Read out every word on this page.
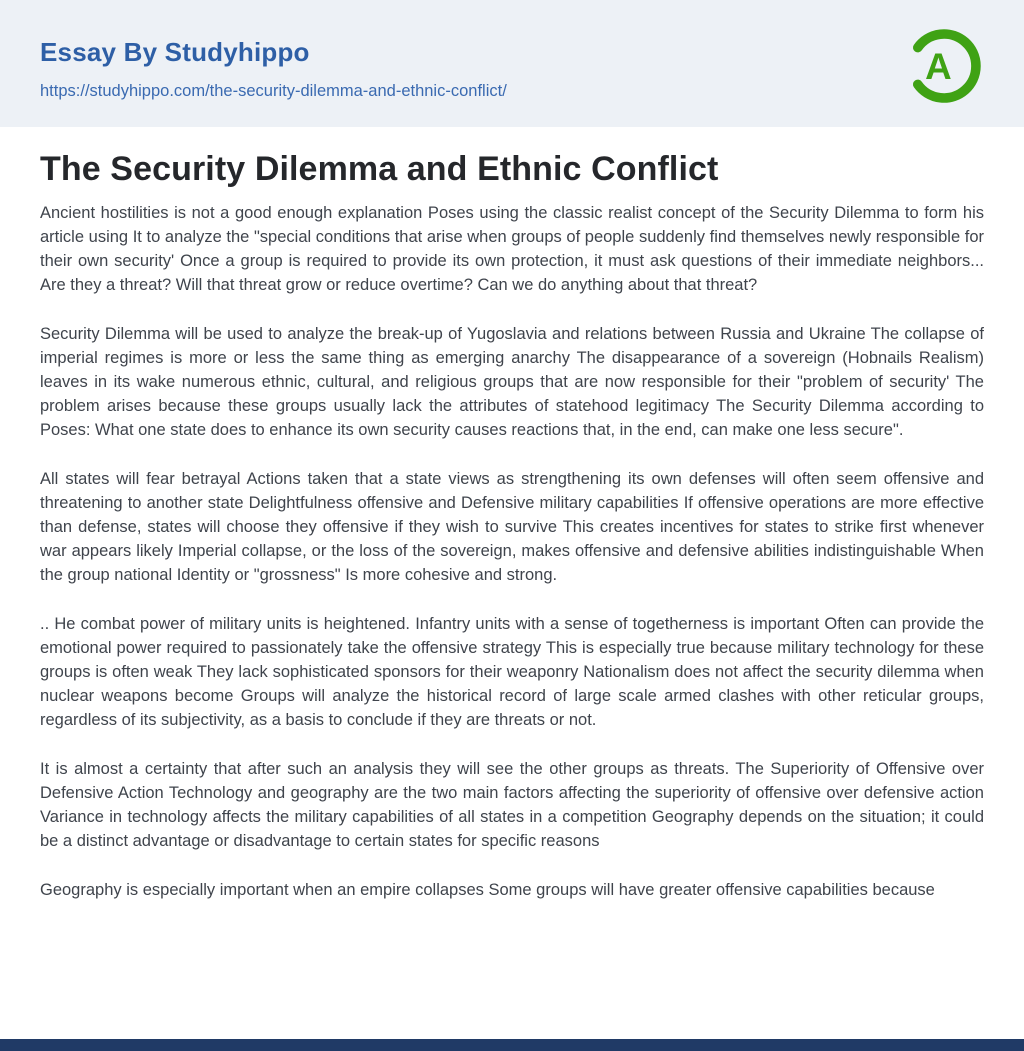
Essay By Studyhippo
https://studyhippo.com/the-security-dilemma-and-ethnic-conflict/
A
The Security Dilemma and Ethnic Conflict

Ancient hostilities is not a good enough explanation Poses using the classic realist concept of the Security Dilemma to form his article using It to analyze the "special conditions that arise when groups of people suddenly find themselves newly responsible for their own security' Once a group is required to provide its own protection, it must ask questions of their immediate neighbors... Are they a threat? Will that threat grow or reduce overtime? Can we do anything about that threat?

Security Dilemma will be used to analyze the break-up of Yugoslavia and relations between Russia and Ukraine The collapse of imperial regimes is more or less the same thing as emerging anarchy The disappearance of a sovereign (Hobnails Realism) leaves in its wake numerous ethnic, cultural, and religious groups that are now responsible for their "problem of security' The problem arises because these groups usually lack the attributes of statehood legitimacy The Security Dilemma according to Poses: What one state does to enhance its own security causes reactions that, in the end, can make one less secure".

All states will fear betrayal Actions taken that a state views as strengthening its own defenses will often seem offensive and threatening to another state Delightfulness offensive and Defensive military capabilities If offensive operations are more effective than defense, states will choose they offensive if they wish to survive This creates incentives for states to strike first whenever war appears likely Imperial collapse, or the loss of the sovereign, makes offensive and defensive abilities indistinguishable When the group national Identity or "grossness" Is more cohesive and strong.

.. He combat power of military units is heightened. Infantry units with a sense of togetherness is important Often can provide the emotional power required to passionately take the offensive strategy This is especially true because military technology for these groups is often weak They lack sophisticated sponsors for their weaponry Nationalism does not affect the security dilemma when nuclear weapons become Groups will analyze the historical record of large scale armed clashes with other reticular groups, regardless of its subjectivity, as a basis to conclude if they are threats or not.

It is almost a certainty that after such an analysis they will see the other groups as threats. The Superiority of Offensive over Defensive Action Technology and geography are the two main factors affecting the superiority of offensive over defensive action Variance in technology affects the military capabilities of all states in a competition Geography depends on the situation; it could be a distinct advantage or disadvantage to certain states for specific reasons

Geography is especially important when an empire collapses Some groups will have greater offensive capabilities because
